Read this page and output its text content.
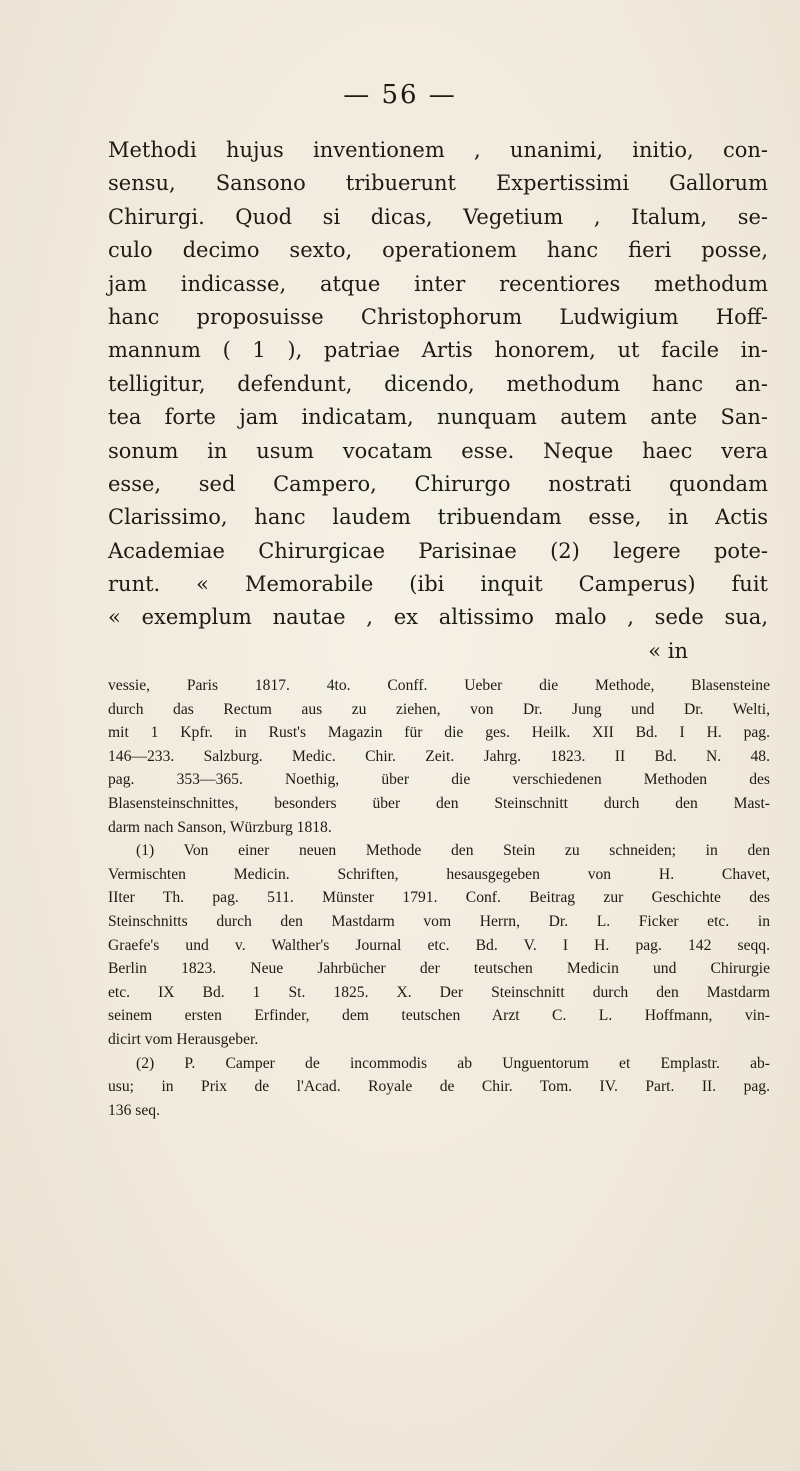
— 56 —
Methodi hujus inventionem , unanimi, initio, con-
sensu, Sansono tribuerunt Expertissimi Gallorum
Chirurgi. Quod si dicas, Vegetium , Italum, se-
culo decimo sexto, operationem hanc fieri posse,
jam indicasse, atque inter recentiores methodum
hanc proposuisse Christophorum Ludwigium Hoff-
mannum ( 1 ), patriae Artis honorem, ut facile in-
telligitur, defendunt, dicendo, methodum hanc an-
tea forte jam indicatam, nunquam autem ante San-
sonum in usum vocatam esse. Neque haec vera
esse, sed Campero, Chirurgo nostrati quondam
Clarissimo, hanc laudem tribuendam esse, in Actis
Academiae Chirurgicae Parisinae (2) legere pote-
runt. « Memorabile (ibi inquit Camperus) fuit
« exemplum nautae , ex altissimo malo , sede sua,
« in
vessie, Paris 1817. 4to. Conff. Ueber die Methode, Blasensteine
durch das Rectum aus zu ziehen, von Dr. Jung und Dr. Welti,
mit 1 Kpfr. in Rust's Magazin für die ges. Heilk. XII Bd. I H. pag.
146—233. Salzburg. Medic. Chir. Zeit. Jahrg. 1823. II Bd. N. 48.
pag. 353—365. Noethig, über die verschiedenen Methoden des
Blasensteinschnittes, besonders über den Steinschnitt durch den Mast-
darm nach Sanson, Würzburg 1818.
(1) Von einer neuen Methode den Stein zu schneiden; in den
Vermischten Medicin. Schriften, hesausgegeben von H. Chavet,
IIter Th. pag. 511. Münster 1791. Conf. Beitrag zur Geschichte des
Steinschnitts durch den Mastdarm vom Herrn, Dr. L. Ficker etc. in
Graefe's und v. Walther's Journal etc. Bd. V. I H. pag. 142 seqq.
Berlin 1823. Neue Jahrbücher der teutschen Medicin und Chirurgie
etc. IX Bd. 1 St. 1825. X. Der Steinschnitt durch den Mastdarm
seinem ersten Erfinder, dem teutschen Arzt C. L. Hoffmann, vin-
dicirt vom Herausgeber.
(2) P. Camper de incommodis ab Unguentorum et Emplastr. ab-
usu; in Prix de l'Acad. Royale de Chir. Tom. IV. Part. II. pag.
136 seq.
